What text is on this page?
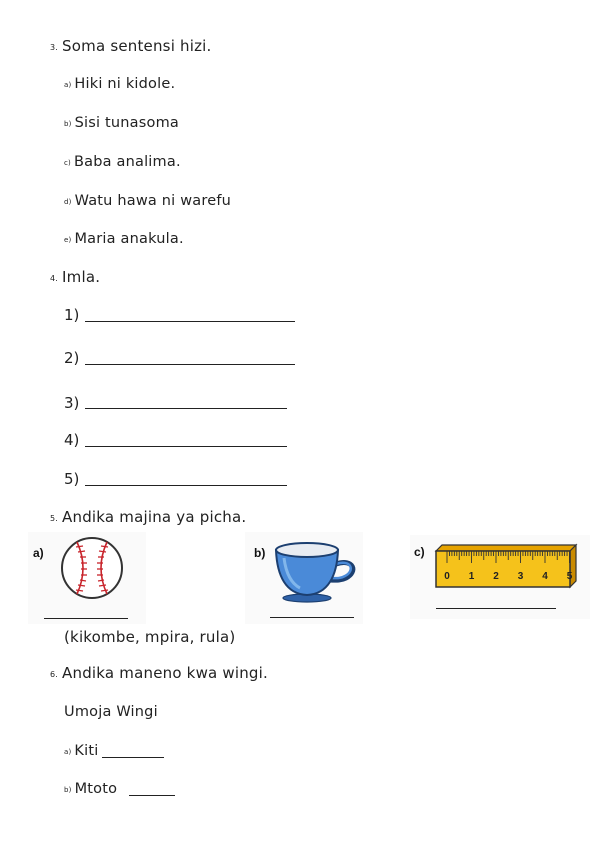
3. Soma sentensi hizi.
a) Hiki ni kidole.
b) Sisi tunasoma
c) Baba analima.
d) Watu hawa ni warefu
e) Maria anakula.
4. Imla.
1)
2)
3)
4)
5)
5. Andika majina ya picha.
a)	b)	c)
0 1 2 3 4 5
(kikombe, mpira, rula)
6. Andika maneno kwa wingi.
Umoja Wingi
a) Kiti
b) Mtoto
